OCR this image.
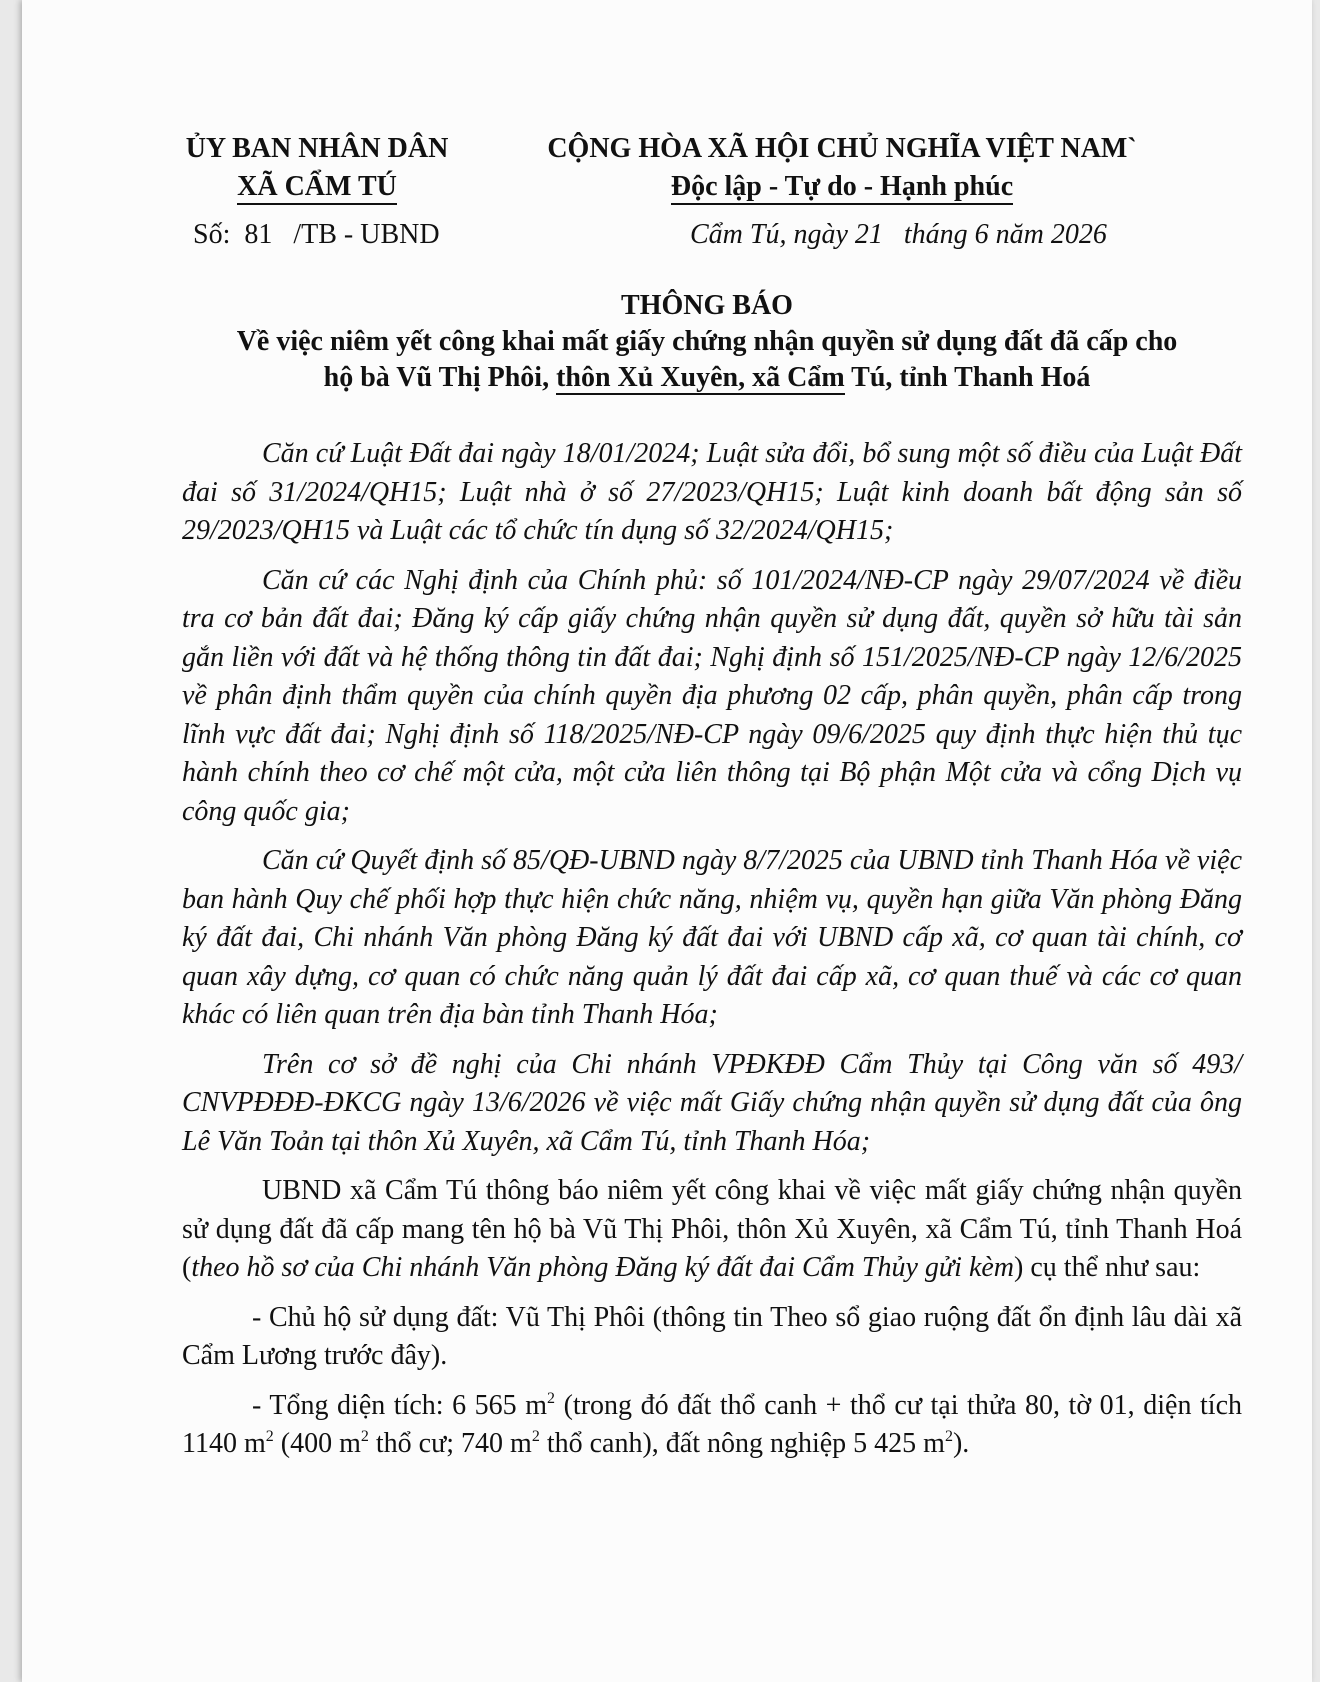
ỦY BAN NHÂN DÂN
XÃ CẨM TÚ
CỘNG HÒA XÃ HỘI CHỦ NGHĨA VIỆT NAM`
Độc lập - Tự do - Hạnh phúc
Số:  81   /TB - UBND	Cẩm Tú, ngày 21   tháng 6 năm 2026
THÔNG BÁO
Về việc niêm yết công khai mất giấy chứng nhận quyền sử dụng đất đã cấp cho
hộ bà Vũ Thị Phôi, thôn Xủ Xuyên, xã Cẩm Tú, tỉnh Thanh Hoá

Căn cứ Luật Đất đai ngày 18/01/2024; Luật sửa đổi, bổ sung một số điều của Luật Đất đai số 31/2024/QH15; Luật nhà ở số 27/2023/QH15; Luật kinh doanh bất động sản số 29/2023/QH15 và Luật các tổ chức tín dụng số 32/2024/QH15;

Căn cứ các Nghị định của Chính phủ: số 101/2024/NĐ-CP ngày 29/07/2024 về điều tra cơ bản đất đai; Đăng ký cấp giấy chứng nhận quyền sử dụng đất, quyền sở hữu tài sản gắn liền với đất và hệ thống thông tin đất đai; Nghị định số 151/2025/NĐ-CP ngày 12/6/2025 về phân định thẩm quyền của chính quyền địa phương 02 cấp, phân quyền, phân cấp trong lĩnh vực đất đai; Nghị định số 118/2025/NĐ-CP ngày 09/6/2025 quy định thực hiện thủ tục hành chính theo cơ chế một cửa, một cửa liên thông tại Bộ phận Một cửa và cổng Dịch vụ công quốc gia;

Căn cứ Quyết định số 85/QĐ-UBND ngày 8/7/2025 của UBND tỉnh Thanh Hóa về việc ban hành Quy chế phối hợp thực hiện chức năng, nhiệm vụ, quyền hạn giữa Văn phòng Đăng ký đất đai, Chi nhánh Văn phòng Đăng ký đất đai với UBND cấp xã, cơ quan tài chính, cơ quan xây dựng, cơ quan có chức năng quản lý đất đai cấp xã, cơ quan thuế và các cơ quan khác có liên quan trên địa bàn tỉnh Thanh Hóa;

Trên cơ sở đề nghị của Chi nhánh VPĐKĐĐ Cẩm Thủy tại Công văn số 493/ CNVPĐĐĐ-ĐKCG ngày 13/6/2026 về việc mất Giấy chứng nhận quyền sử dụng đất của ông Lê Văn Toản tại thôn Xủ Xuyên, xã Cẩm Tú, tỉnh Thanh Hóa;

UBND xã Cẩm Tú thông báo niêm yết công khai về việc mất giấy chứng nhận quyền sử dụng đất đã cấp mang tên hộ bà Vũ Thị Phôi, thôn Xủ Xuyên, xã Cẩm Tú, tỉnh Thanh Hoá (theo hồ sơ của Chi nhánh Văn phòng Đăng ký đất đai Cẩm Thủy gửi kèm) cụ thể như sau:

- Chủ hộ sử dụng đất: Vũ Thị Phôi (thông tin Theo sổ giao ruộng đất ổn định lâu dài xã Cẩm Lương trước đây).

- Tổng diện tích: 6 565 $m^2$ (trong đó đất thổ canh + thổ cư tại thửa 80, tờ 01, diện tích 1140 $m^2$ (400 $m^2$ thổ cư; 740 $m^2$ thổ canh), đất nông nghiệp 5 425 $m^2$).
